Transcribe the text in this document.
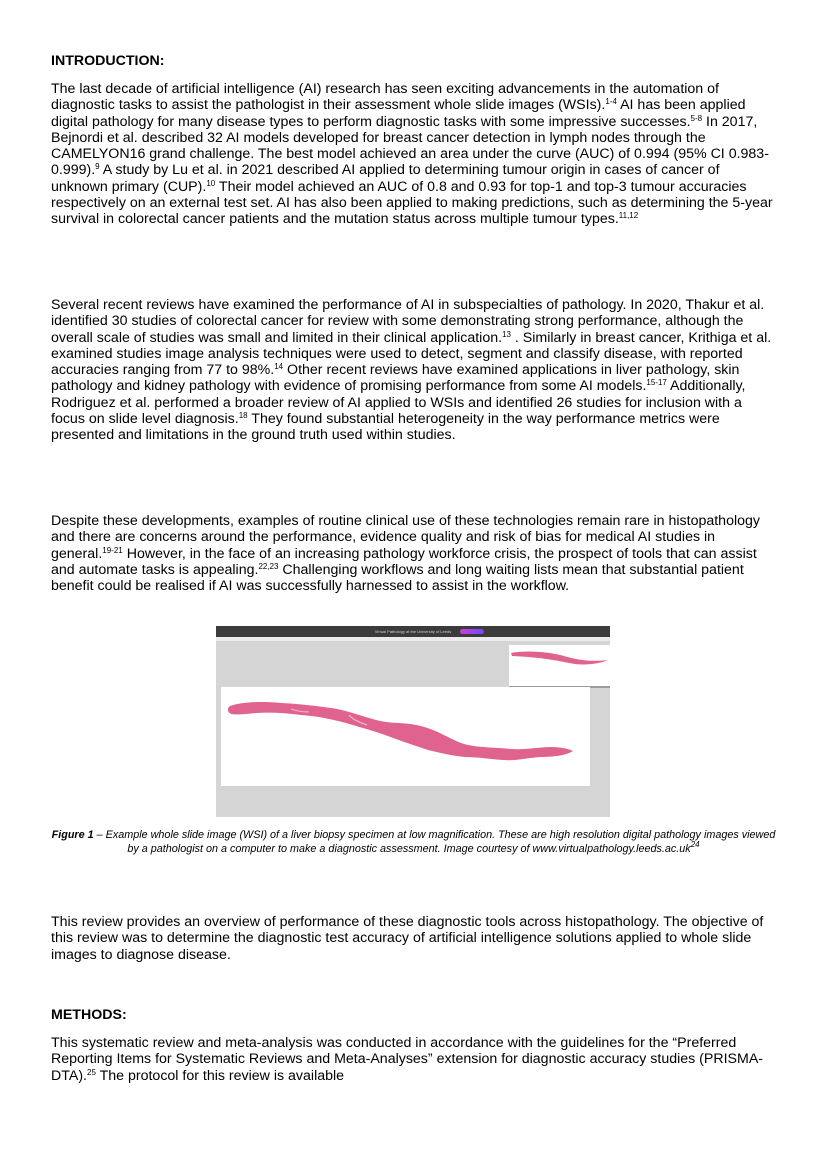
INTRODUCTION:
The last decade of artificial intelligence (AI) research has seen exciting advancements in the automation of diagnostic tasks to assist the pathologist in their assessment whole slide images (WSIs).$^{1-4}$ AI has been applied digital pathology for many disease types to perform diagnostic tasks with some impressive successes.$^{5-8}$ In 2017, Bejnordi et al. described 32 AI models developed for breast cancer detection in lymph nodes through the CAMELYON16 grand challenge. The best model achieved an area under the curve (AUC) of 0.994 (95% CI 0.983-0.999).$^9$ A study by Lu et al. in 2021 described AI applied to determining tumour origin in cases of cancer of unknown primary (CUP).$^{10}$ Their model achieved an AUC of 0.8 and 0.93 for top-1 and top-3 tumour accuracies respectively on an external test set. AI has also been applied to making predictions, such as determining the 5-year survival in colorectal cancer patients and the mutation status across multiple tumour types.$^{11,12}$
Several recent reviews have examined the performance of AI in subspecialties of pathology. In 2020, Thakur et al. identified 30 studies of colorectal cancer for review with some demonstrating strong performance, although the overall scale of studies was small and limited in their clinical application.$^{13}$ . Similarly in breast cancer, Krithiga et al. examined studies image analysis techniques were used to detect, segment and classify disease, with reported accuracies ranging from 77 to 98%.$^{14}$ Other recent reviews have examined applications in liver pathology, skin pathology and kidney pathology with evidence of promising performance from some AI models.$^{15-17}$ Additionally, Rodriguez et al. performed a broader review of AI applied to WSIs and identified 26 studies for inclusion with a focus on slide level diagnosis.$^{18}$ They found substantial heterogeneity in the way performance metrics were presented and limitations in the ground truth used within studies.
Despite these developments, examples of routine clinical use of these technologies remain rare in histopathology and there are concerns around the performance, evidence quality and risk of bias for medical AI studies in general.$^{19-21}$ However, in the face of an increasing pathology workforce crisis, the prospect of tools that can assist and automate tasks is appealing.$^{22,23}$ Challenging workflows and long waiting lists mean that substantial patient benefit could be realised if AI was successfully harnessed to assist in the workflow.
Virtual Pathology at the University of Leeds
Figure 1 – Example whole slide image (WSI) of a liver biopsy specimen at low magnification. These are high resolution digital pathology images viewed by a pathologist on a computer to make a diagnostic assessment. Image courtesy of $www.virtualpathology.leeds.ac.uk^{24}$
This review provides an overview of performance of these diagnostic tools across histopathology. The objective of this review was to determine the diagnostic test accuracy of artificial intelligence solutions applied to whole slide images to diagnose disease.
METHODS:
This systematic review and meta-analysis was conducted in accordance with the guidelines for the “Preferred Reporting Items for Systematic Reviews and Meta-Analyses” extension for diagnostic accuracy studies (PRISMA-DTA).$^{25}$ The protocol for this review is available
